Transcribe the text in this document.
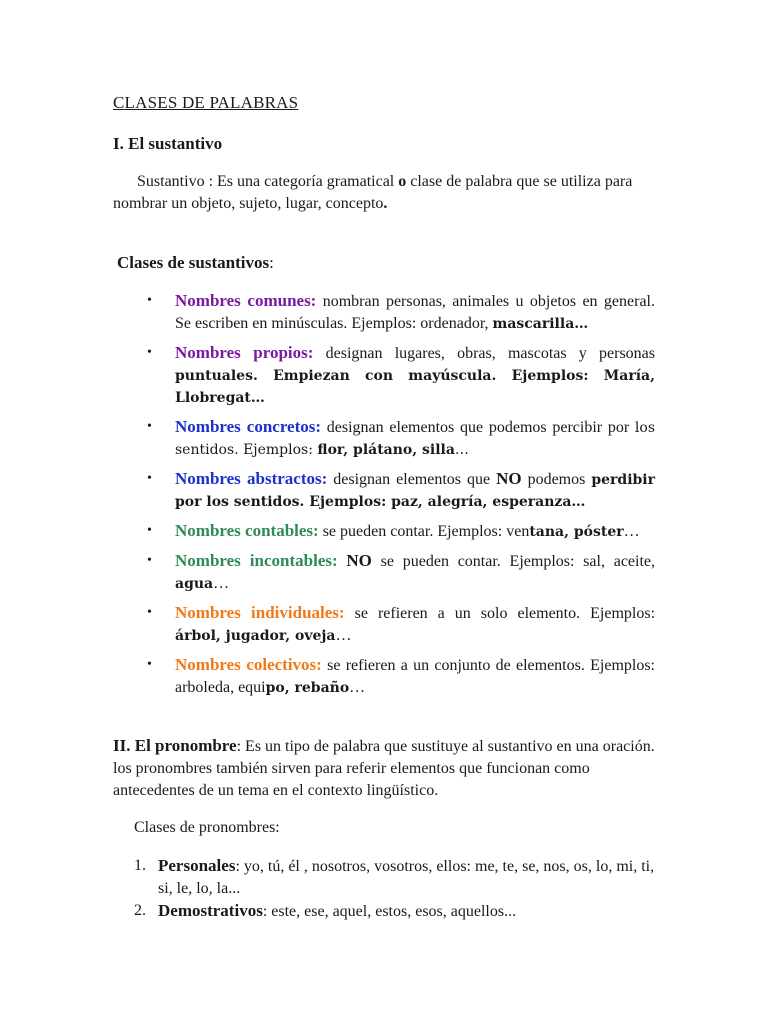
CLASES DE PALABRAS
I. El sustantivo
Sustantivo : Es una categoría gramatical o clase de palabra que se utiliza para nombrar un objeto, sujeto, lugar, concepto.
Clases de sustantivos:
• Nombres comunes: nombran personas, animales u objetos en general. Se escriben en minúsculas. Ejemplos: ordenador, mascarilla…
• Nombres propios: designan lugares, obras, mascotas y personas puntuales. Empiezan con mayúscula. Ejemplos: María, Llobregat…
• Nombres concretos: designan elementos que podemos percibir por los sentidos. Ejemplos: flor, plátano, silla…
• Nombres abstractos: designan elementos que NO podemos perdibir por los sentidos. Ejemplos: paz, alegría, esperanza…
• Nombres contables: se pueden contar. Ejemplos: ventana, póster…
• Nombres incontables: NO se pueden contar. Ejemplos: sal, aceite, agua…
• Nombres individuales: se refieren a un solo elemento. Ejemplos: árbol, jugador, oveja…
• Nombres colectivos: se refieren a un conjunto de elementos. Ejemplos: arboleda, equipo, rebaño…
II. El pronombre: Es un tipo de palabra que sustituye al sustantivo en una oración. los pronombres también sirven para referir elementos que funcionan como antecedentes de un tema en el contexto lingüístico.
Clases de pronombres:
1. Personales: yo, tú, él , nosotros, vosotros, ellos: me, te, se, nos, os, lo, mi, ti, si, le, lo, la...
2. Demostrativos: este, ese, aquel, estos, esos, aquellos...
